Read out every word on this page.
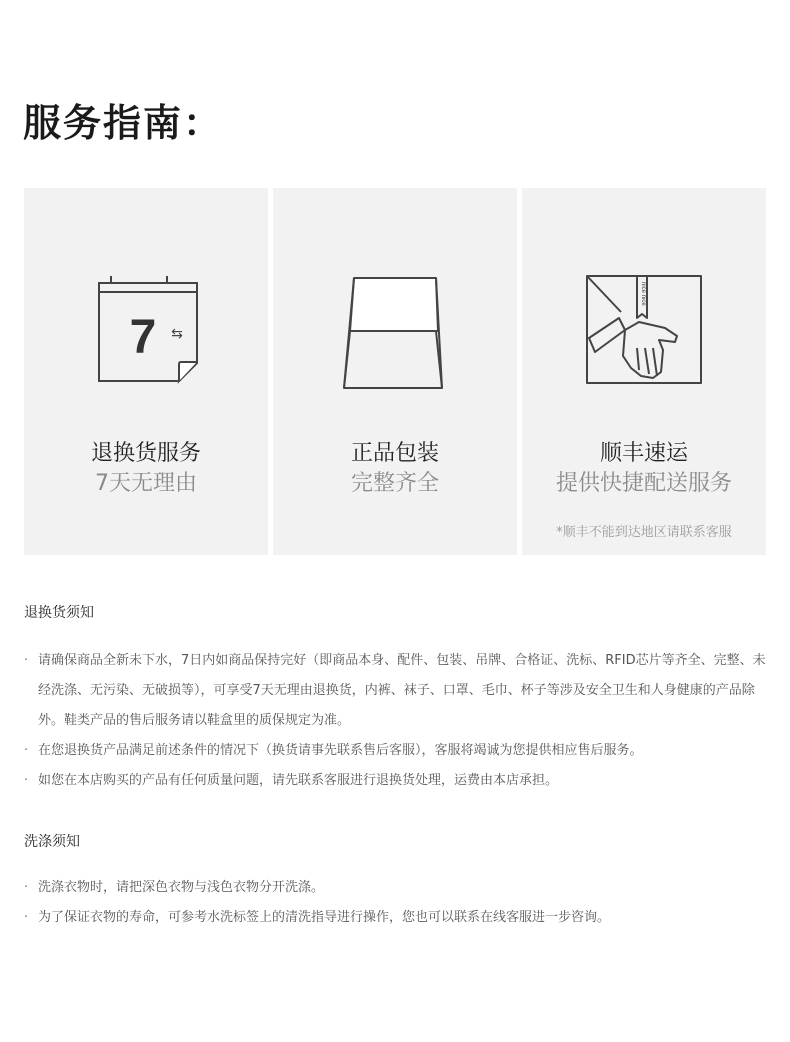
服务指南：
7 ⇆
退换货服务
7天无理由
正品包装
完整齐全
nice nice
顺丰速运
提供快捷配送服务
*顺丰不能到达地区请联系客服
退换货须知
· 请确保商品全新未下水，7日内如商品保持完好（即商品本身、配件、包装、吊牌、合格证、洗标、RFID芯片等齐全、完整、未经洗涤、无污染、无破损等），可享受7天无理由退换货，内裤、袜子、口罩、毛巾、杯子等涉及安全卫生和人身健康的产品除外。鞋类产品的售后服务请以鞋盒里的质保规定为准。
· 在您退换货产品满足前述条件的情况下（换货请事先联系售后客服），客服将竭诚为您提供相应售后服务。
· 如您在本店购买的产品有任何质量问题，请先联系客服进行退换货处理，运费由本店承担。
洗涤须知
· 洗涤衣物时，请把深色衣物与浅色衣物分开洗涤。
· 为了保证衣物的寿命，可参考水洗标签上的清洗指导进行操作，您也可以联系在线客服进一步咨询。
